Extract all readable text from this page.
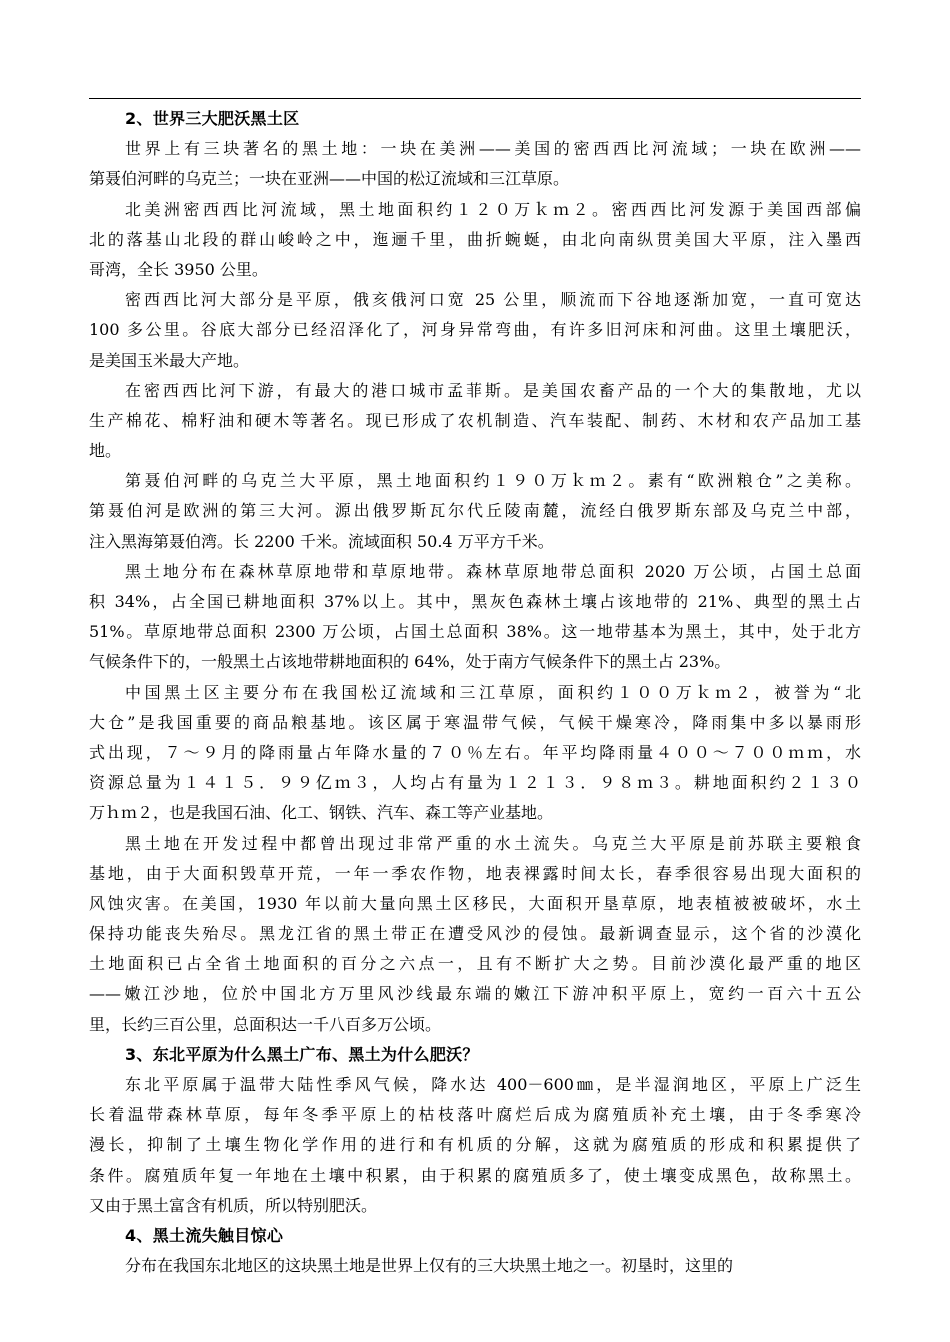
2、世界三大肥沃黑土区
世界上有三块著名的黑土地：一块在美洲——美国的密西西比河流域；一块在欧洲——
第聂伯河畔的乌克兰；一块在亚洲——中国的松辽流域和三江草原。
北美洲密西西比河流域，黑土地面积约１２０万ｋｍ２。密西西比河发源于美国西部偏
北的落基山北段的群山峻岭之中，迤逦千里，曲折蜿蜒，由北向南纵贯美国大平原，注入墨西
哥湾，全长 3950 公里。
密西西比河大部分是平原，俄亥俄河口宽 25 公里，顺流而下谷地逐渐加宽，一直可宽达
100 多公里。谷底大部分已经沼泽化了，河身异常弯曲，有许多旧河床和河曲。这里土壤肥沃，
是美国玉米最大产地。
在密西西比河下游，有最大的港口城市孟菲斯。是美国农畜产品的一个大的集散地，尤以
生产棉花、棉籽油和硬木等著名。现已形成了农机制造、汽车装配、制药、木材和农产品加工基
地。
第聂伯河畔的乌克兰大平原，黑土地面积约１９０万ｋｍ２。素有“欧洲粮仓”之美称。
第聂伯河是欧洲的第三大河。源出俄罗斯瓦尔代丘陵南麓，流经白俄罗斯东部及乌克兰中部，
注入黑海第聂伯湾。长 2200 千米。流域面积 50.4 万平方千米。
黑土地分布在森林草原地带和草原地带。森林草原地带总面积 2020 万公顷，占国土总面
积 34%，占全国已耕地面积 37%以上。其中，黑灰色森林土壤占该地带的 21%、典型的黑土占
51%。草原地带总面积 2300 万公顷，占国土总面积 38%。这一地带基本为黑土，其中，处于北方
气候条件下的，一般黑土占该地带耕地面积的 64%，处于南方气候条件下的黑土占 23%。
中国黑土区主要分布在我国松辽流域和三江草原，面积约１００万ｋｍ２，被誉为“北
大仓”是我国重要的商品粮基地。该区属于寒温带气候，气候干燥寒冷，降雨集中多以暴雨形
式出现，７～９月的降雨量占年降水量的７０％左右。年平均降雨量４００～７００ｍｍ，水
资源总量为１４１５．９９亿ｍ３，人均占有量为１２１３．９８ｍ３。耕地面积约２１３０
万ｈｍ２，也是我国石油、化工、钢铁、汽车、森工等产业基地。
黑土地在开发过程中都曾出现过非常严重的水土流失。乌克兰大平原是前苏联主要粮食
基地，由于大面积毁草开荒，一年一季农作物，地表裸露时间太长，春季很容易出现大面积的
风蚀灾害。在美国，1930 年以前大量向黑土区移民，大面积开垦草原，地表植被被破坏，水土
保持功能丧失殆尽。黑龙江省的黑土带正在遭受风沙的侵蚀。最新调查显示，这个省的沙漠化
土地面积已占全省土地面积的百分之六点一，且有不断扩大之势。目前沙漠化最严重的地区
——嫩江沙地，位於中国北方万里风沙线最东端的嫩江下游冲积平原上，宽约一百六十五公
里，长约三百公里，总面积达一千八百多万公顷。
3、东北平原为什么黑土广布、黑土为什么肥沃？
东北平原属于温带大陆性季风气候，降水达 400－600㎜，是半湿润地区，平原上广泛生
长着温带森林草原，每年冬季平原上的枯枝落叶腐烂后成为腐殖质补充土壤，由于冬季寒冷
漫长，抑制了土壤生物化学作用的进行和有机质的分解，这就为腐殖质的形成和积累提供了
条件。腐殖质年复一年地在土壤中积累，由于积累的腐殖质多了，使土壤变成黑色，故称黑土。
又由于黑土富含有机质，所以特别肥沃。
4、黑土流失触目惊心
分布在我国东北地区的这块黑土地是世界上仅有的三大块黑土地之一。初垦时，这里的
